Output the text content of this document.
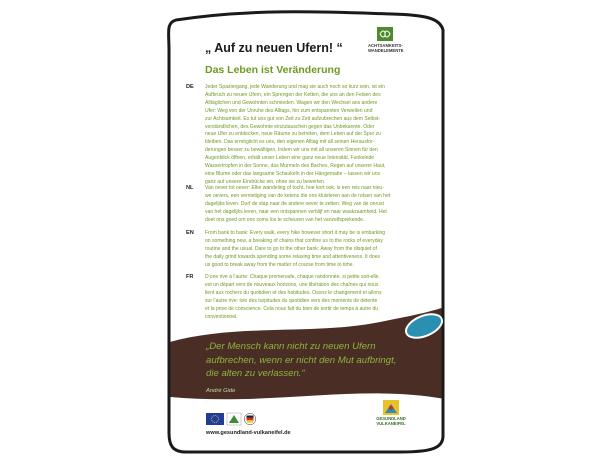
„ Auf zu neuen Ufern! “
Das Leben ist Veränderung
ACHTSAMKEITS-
WANDELEMENTE
DE Jeder Spaziergang, jede Wanderung und mag sie auch noch so kurz sein, ist ein
Aufbruch zu neuen Ufern, ein Sprengen der Ketten, die uns an den Felsen des
Alltäglichen und Gewohnten schmieden. Wagen wir den Wechsel ans andere
Ufer: Weg von der Unruhe des Alltags, hin zum entspannten Verweilen und
zur Achtsamkeit. Es tut uns gut von Zeit zu Zeit aufzubrechen aus dem Selbst-
verständlichen, des Gewohnte einzutauschen gegen das Unbekannte. Oder
neue Ufer zu entdecken, neue Räume zu betreten, dem Leben auf der Spur zu
bleiben. Das ermöglicht es uns, den eigenen Alltag mit all seinen Herausfor-
derungen besser zu bewältigen. Indem wir uns mit all unseren Sinnen für den
Augenblick öffnen, erhält unser Leben eine ganz neue Intensität. Funkelnde
Wassertropfen in der Sonne, das Murmeln des Baches, Regen auf unserer Haut,
eine Blume oder das langsame Schaukeln in der Hängematte – lassen wir uns
ganz auf unsere Eindrücke ein, ohne sie zu bewerten.
NL Van oever tot oever: Elke wandeling of tocht, hoe kort ook, is een reis naar nieu-
we oevers, een vernietiging van de ketens die ons kluisteren aan de rotsen van het
dagelijks leven. Durf de stap naar de andere oever te zetten: Weg van de onrust
van het dagelijks leven, naar een ontspannen verblijf en naar waakzaamheid. Het
doet ons goed om ons soms los te scheuren van het vanzelfsprekende.
EN From bank to bank: Every walk, every hike however short it may be is embarking
on something new, a breaking of chains that confine us to the rocks of everyday
routine and the usual. Dare to go to the other bank: Away from the disquiet of
the daily grind towards spending some relaxing time and attentiveness. It does
us good to break away from the matter of course from time to time.
FR D’une rive à l’autre: Chaque promenade, chaque randonnée, si petite soit-elle,
est un départ vers de nouveaux horizons, une libération des chaînes qui nous
lient aux rochers du quotidien et des habitudes. Osons le changement et allons
sur l’autre rive: loin des turpitudes du quotidien vers des moments de détente
et la prise de conscience. Cela nous fait du bien de sortir de temps à autre du
conventionnel.
„Der Mensch kann nicht zu neuen Ufern
aufbrechen, wenn er nicht den Mut aufbringt,
die alten zu verlassen.“
André Gide
www.gesundland-vulkaneifel.de
GESUNDLAND
VULKANEIFEL
